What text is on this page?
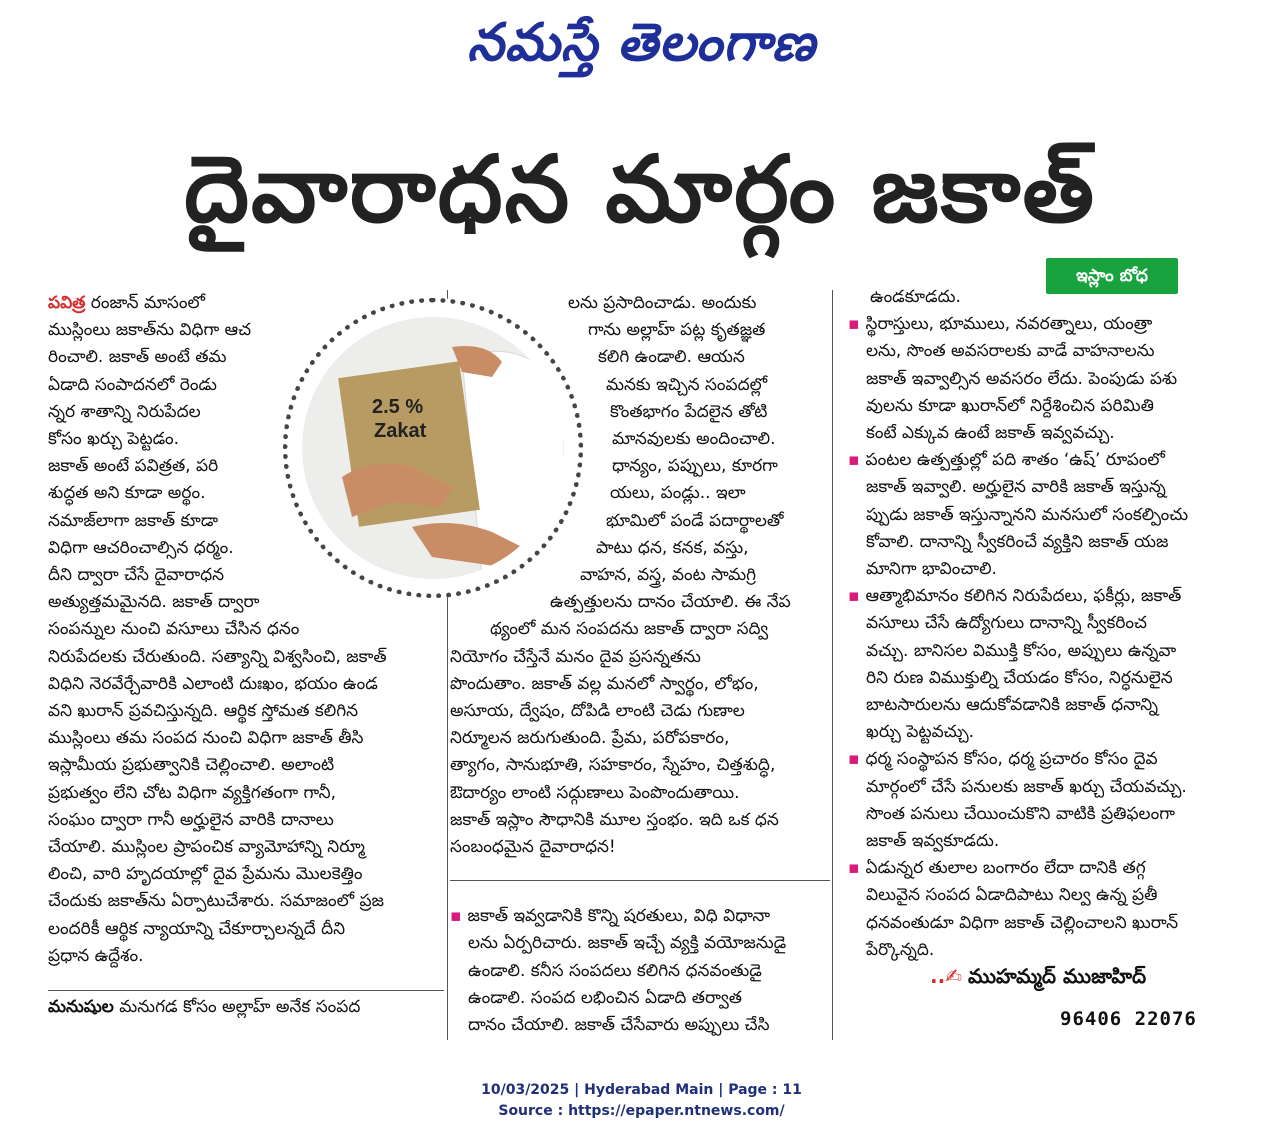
నమస్తే తెలంగాణ
దైవారాధన మార్గం జకాత్
ఇస్లాం బోధ

పవిత్ర రంజాన్ మాసంలో

ముస్లింలు జకాత్‌ను విధిగా ఆచ

రించాలి. జకాత్ అంటే తమ

ఏడాది సంపాదనలో రెండు

న్నర శాతాన్ని నిరుపేదల

కోసం ఖర్చు పెట్టడం.

జకాత్ అంటే పవిత్రత, పరి

శుద్ధత అని కూడా అర్థం.

నమాజ్‌లాగా జకాత్ కూడా

విధిగా ఆచరించాల్సిన ధర్మం.

దీని ద్వారా చేసే దైవారాధన

అత్యుత్తమమైనది. జకాత్ ద్వారా

సంపన్నుల నుంచి వసూలు చేసిన ధనం

నిరుపేదలకు చేరుతుంది. సత్యాన్ని విశ్వసించి, జకాత్

విధిని నెరవేర్చేవారికి ఎలాంటి దుఃఖం, భయం ఉండ

వని ఖురాన్ ప్రవచిస్తున్నది. ఆర్థిక స్తోమత కలిగిన

ముస్లింలు తమ సంపద నుంచి విధిగా జకాత్ తీసి

ఇస్లామీయ ప్రభుత్వానికి చెల్లించాలి. అలాంటి

ప్రభుత్వం లేని చోట విధిగా వ్యక్తిగతంగా గానీ,

సంఘం ద్వారా గానీ అర్హులైన వారికి దానాలు

చేయాలి. ముస్లింల ప్రాపంచిక వ్యామోహాన్ని నిర్మూ

లించి, వారి హృదయాల్లో దైవ ప్రేమను మొలకెత్తిం

చేందుకు జకాత్‌ను ఏర్పాటుచేశారు. సమాజంలో ప్రజ

లందరికీ ఆర్థిక న్యాయాన్ని చేకూర్చాలన్నదే దీని

ప్రధాన ఉద్దేశం.

మనుషుల మనుగడ కోసం అల్లాహ్ అనేక సంపద

2.5 %
Zakat

లను ప్రసాదించాడు. అందుకు

గాను అల్లాహ్ పట్ల కృతజ్ఞత

కలిగి ఉండాలి. ఆయన

మనకు ఇచ్చిన సంపదల్లో

కొంతభాగం పేదలైన తోటి

మానవులకు అందించాలి.

ధాన్యం, పప్పులు, కూరగా

యలు, పండ్లు.. ఇలా

భూమిలో పండే పదార్థాలతో

పాటు ధన, కనక, వస్తు,

వాహన, వస్త్ర, వంట సామగ్రి

ఉత్పత్తులను దానం చేయాలి. ఈ నేప

థ్యంలో మన సంపదను జకాత్ ద్వారా సద్వి

నియోగం చేస్తేనే మనం దైవ ప్రసన్నతను

పొందుతాం. జకాత్ వల్ల మనలో స్వార్థం, లోభం,

అసూయ, ద్వేషం, దోపిడి లాంటి చెడు గుణాల

నిర్మూలన జరుగుతుంది. ప్రేమ, పరోపకారం,

త్యాగం, సానుభూతి, సహకారం, స్నేహం, చిత్తశుద్ధి,

ఔదార్యం లాంటి సద్గుణాలు పెంపొందుతాయి.

జకాత్ ఇస్లాం సౌధానికి మూల స్తంభం. ఇది ఒక ధన

సంబంధమైన దైవారాధన!

▪ జకాత్ ఇవ్వడానికి కొన్ని షరతులు, విధి విధానా

లను ఏర్పరిచారు. జకాత్ ఇచ్చే వ్యక్తి వయోజనుడై

ఉండాలి. కనీస సంపదలు కలిగిన ధనవంతుడై

ఉండాలి. సంపద లభించిన ఏడాది తర్వాత

దానం చేయాలి. జకాత్ చేసేవారు అప్పులు చేసి

ఉండకూడదు.

▪ స్థిరాస్తులు, భూములు, నవరత్నాలు, యంత్రా

లను, సొంత అవసరాలకు వాడే వాహనాలను

జకాత్ ఇవ్వాల్సిన అవసరం లేదు. పెంపుడు పశు

వులను కూడా ఖురాన్‌లో నిర్దేశించిన పరిమితి

కంటే ఎక్కువ ఉంటే జకాత్ ఇవ్వవచ్చు.

▪ పంటల ఉత్పత్తుల్లో పది శాతం ‘ఉష్’ రూపంలో

జకాత్ ఇవ్వాలి. అర్హులైన వారికి జకాత్ ఇస్తున్న

ప్పుడు జకాత్ ఇస్తున్నానని మనసులో సంకల్పించు

కోవాలి. దానాన్ని స్వీకరించే వ్యక్తిని జకాత్ యజ

మానిగా భావించాలి.

▪ ఆత్మాభిమానం కలిగిన నిరుపేదలు, ఫకీర్లు, జకాత్

వసూలు చేసే ఉద్యోగులు దానాన్ని స్వీకరించ

వచ్చు. బానిసల విముక్తి కోసం, అప్పులు ఉన్నవా

రిని రుణ విముక్తుల్ని చేయడం కోసం, నిర్ధనులైన

బాటసారులను ఆదుకోవడానికి జకాత్ ధనాన్ని

ఖర్చు పెట్టవచ్చు.

▪ ధర్మ సంస్థాపన కోసం, ధర్మ ప్రచారం కోసం దైవ

మార్గంలో చేసే పనులకు జకాత్ ఖర్చు చేయవచ్చు.

సొంత పనులు చేయించుకొని వాటికి ప్రతిఫలంగా

జకాత్ ఇవ్వకూడదు.

▪ ఏడున్నర తులాల బంగారం లేదా దానికి తగ్గ

విలువైన సంపద ఏడాదిపాటు నిల్వ ఉన్న ప్రతీ

ధనవంతుడూ విధిగా జకాత్ చెల్లించాలని ఖురాన్

పేర్కొన్నది.

..✍ ముహమ్మద్ ముజాహిద్
96406 22076
10/03/2025 | Hyderabad Main | Page : 11
Source : https://epaper.ntnews.com/
